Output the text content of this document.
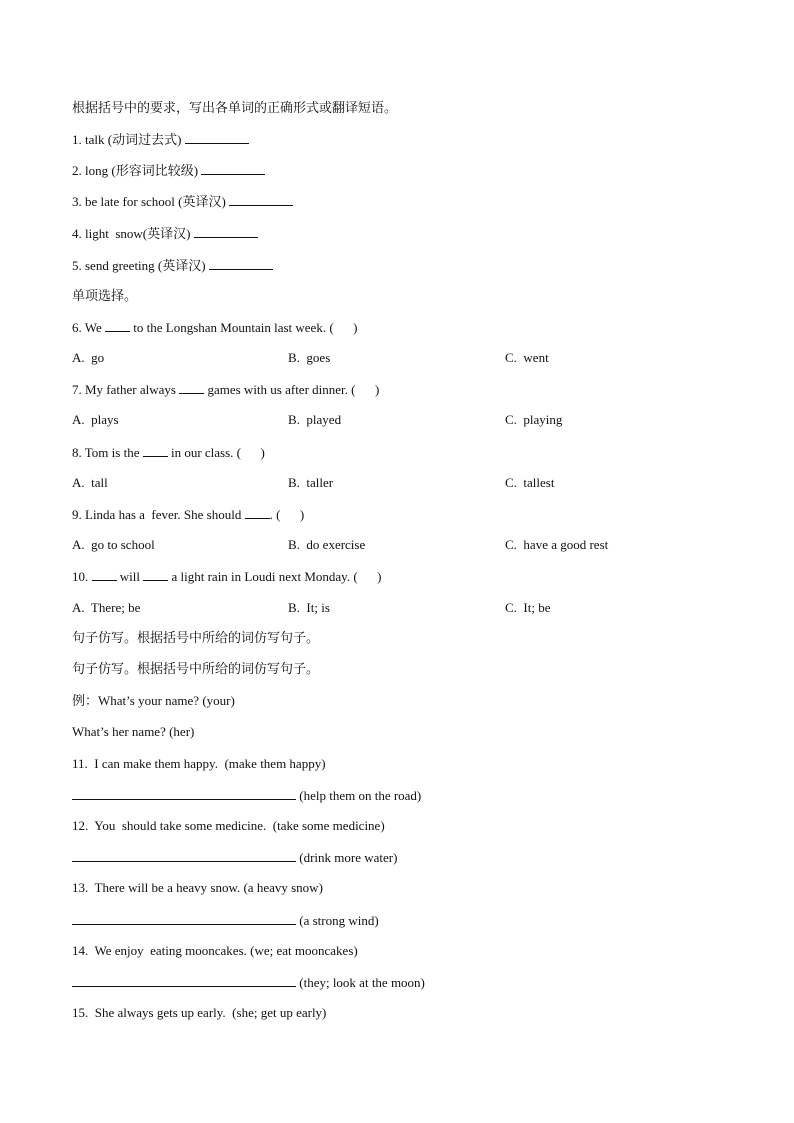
根据括号中的要求，写出各单词的正确形式或翻译短语。
1. talk (动词过去式)
2. long (形容词比较级)
3. be late for school (英译汉)
4. light  snow(英译汉)
5. send greeting (英译汉)
单项选择。
6. We  to the Longshan Mountain last week. (      )
A.  go	B.  goes	C.  went
7. My father always  games with us after dinner. (      )
A.  plays	B.  played	C.  playing
8. Tom is the  in our class. (      )
A.  tall	B.  taller	C.  tallest
9. Linda has a  fever. She should . (      )
A.  go to school	B.  do exercise	C.  have a good rest
10.  will  a light rain in Loudi next Monday. (      )
A.  There; be	B.  It; is	C.  It; be
句子仿写。根据括号中所给的词仿写句子。
句子仿写。根据括号中所给的词仿写句子。
例：What’s your name? (your)
What’s her name? (her)
11.  I can make them happy.  (make them happy)
(help them on the road)
12.  You  should take some medicine.  (take some medicine)
(drink more water)
13.  There will be a heavy snow. (a heavy snow)
(a strong wind)
14.  We enjoy  eating mooncakes. (we; eat mooncakes)
(they; look at the moon)
15.  She always gets up early.  (she; get up early)
